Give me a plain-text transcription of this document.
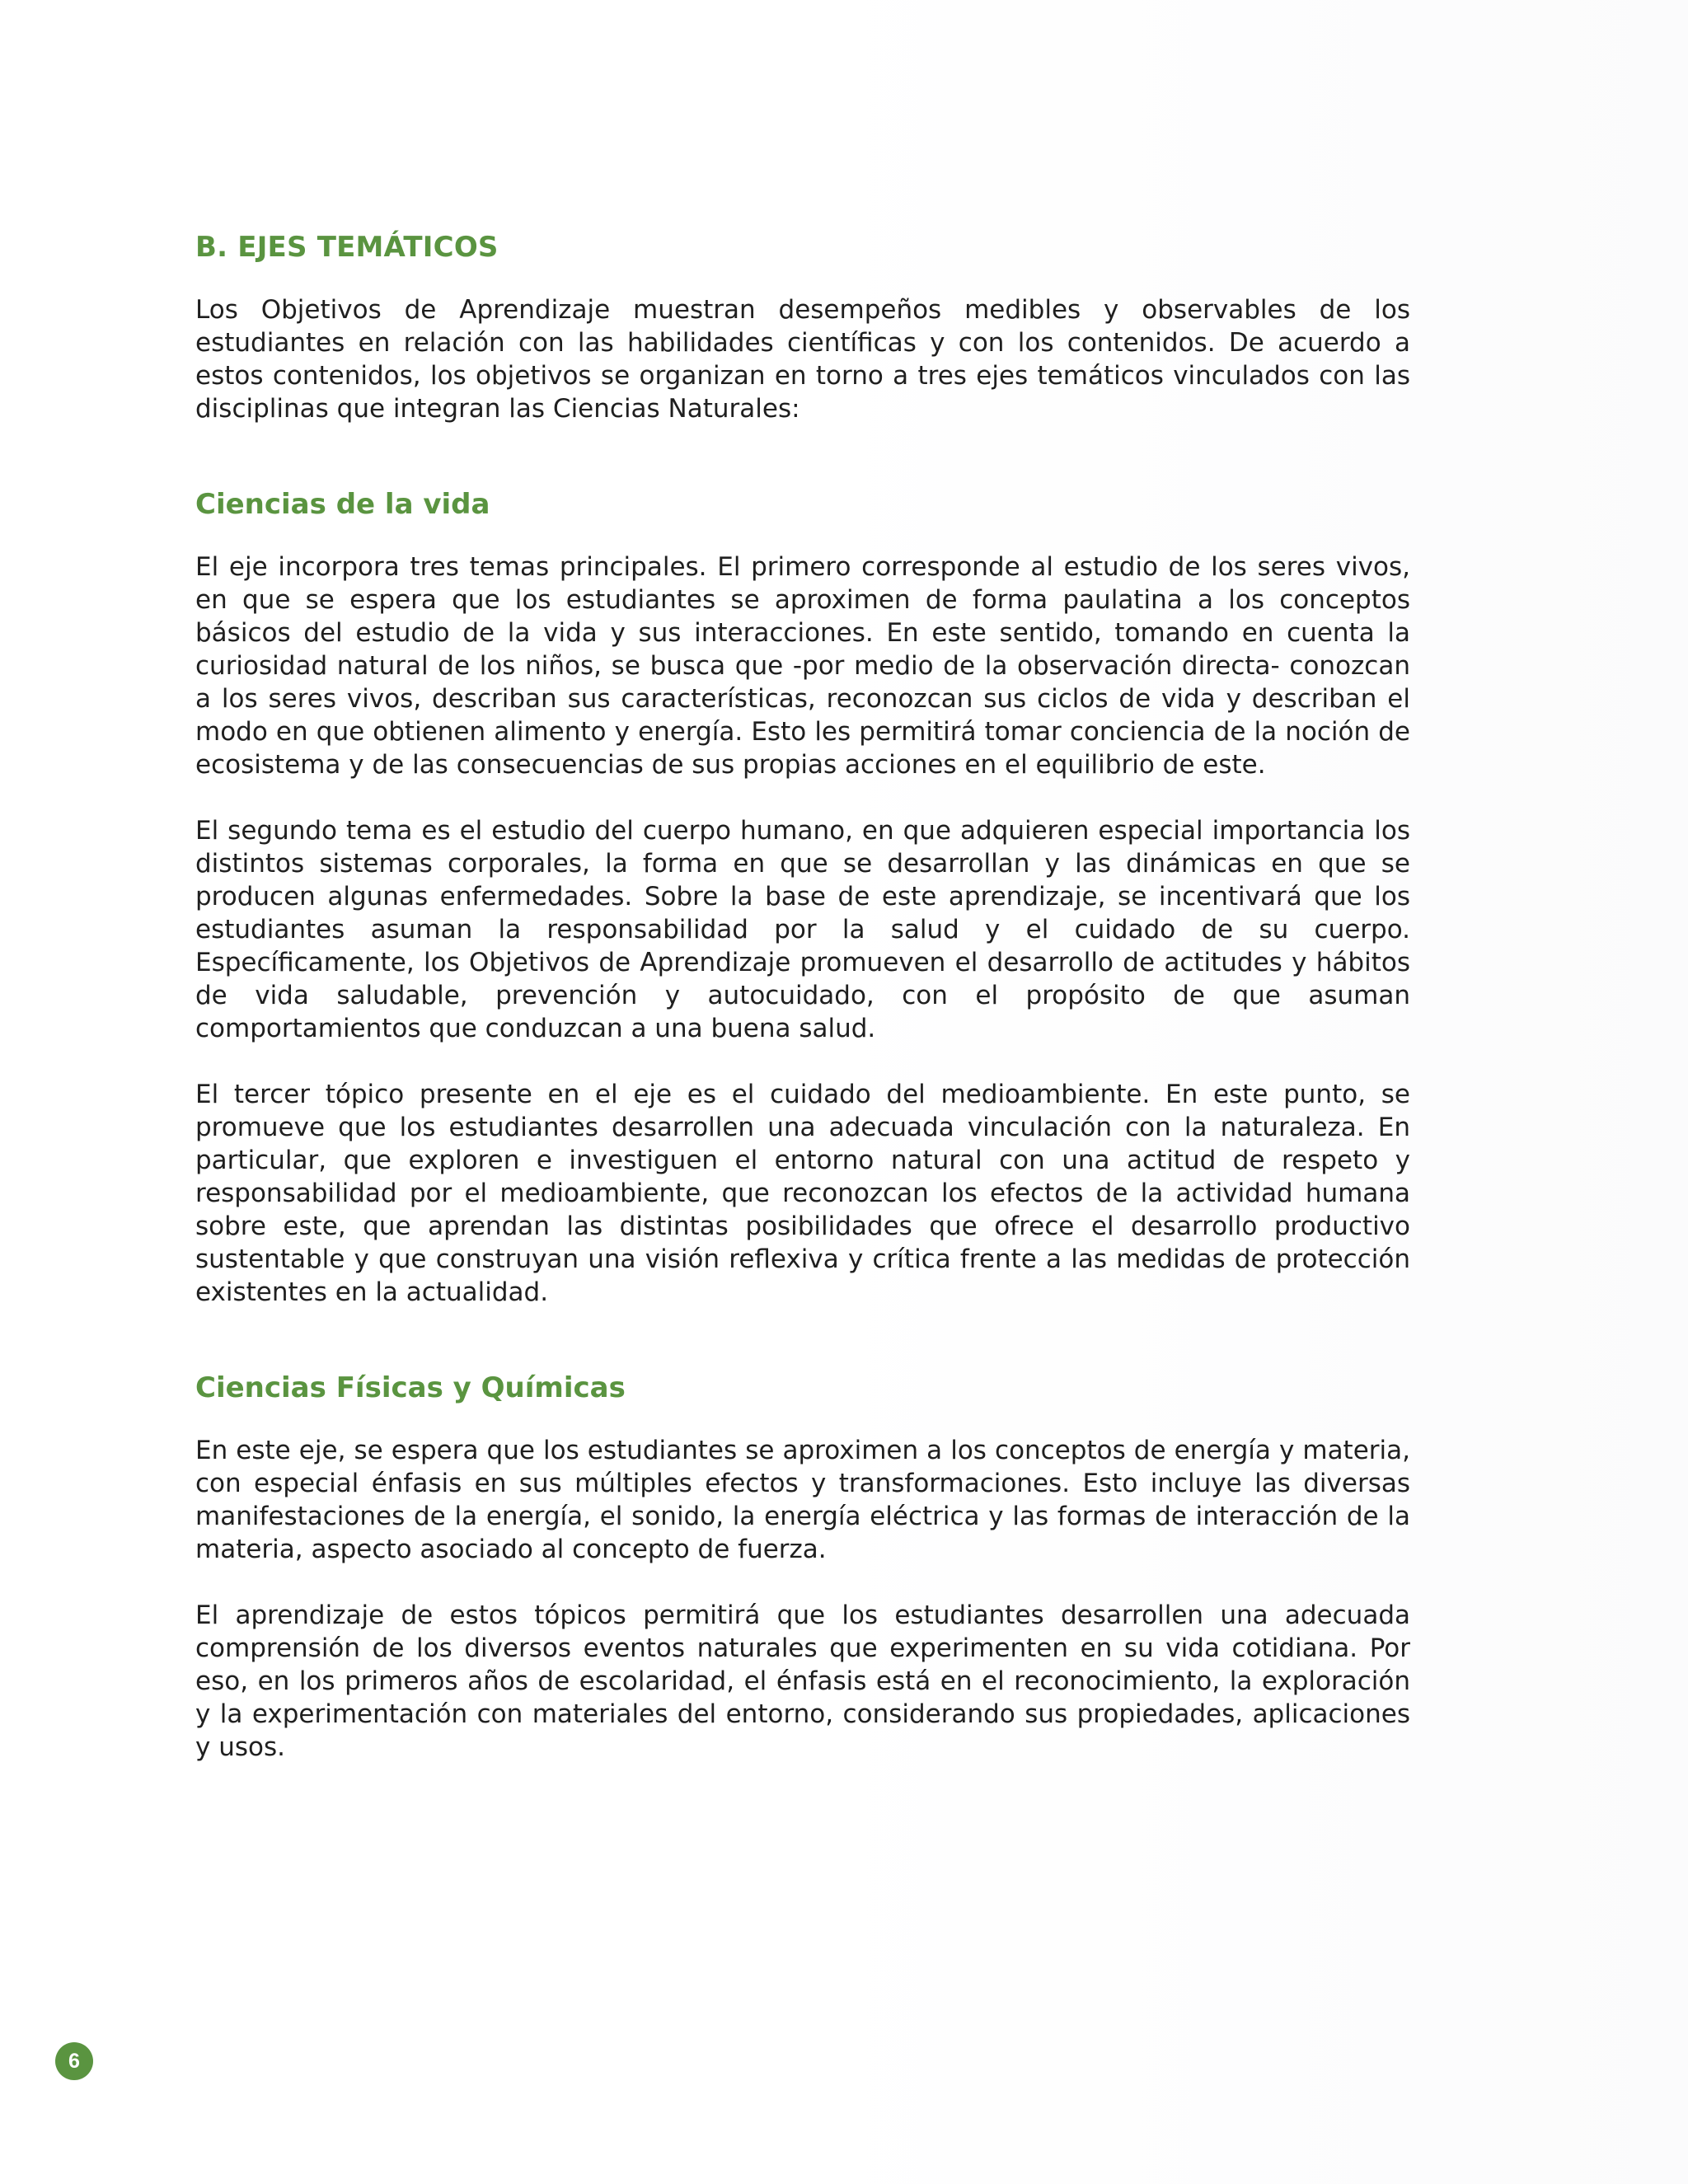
B. EJES TEMÁTICOS

Los Objetivos de Aprendizaje muestran desempeños medibles y observables de los estudiantes en relación con las habilidades científicas y con los contenidos. De acuerdo a estos contenidos, los objetivos se organizan en torno a tres ejes temáticos vinculados con las disciplinas que integran las Ciencias Naturales:

Ciencias de la vida

El eje incorpora tres temas principales. El primero corresponde al estudio de los seres vivos, en que se espera que los estudiantes se aproximen de forma paulatina a los conceptos básicos del estudio de la vida y sus interacciones. En este sentido, tomando en cuenta la curiosidad natural de los niños, se busca que -por medio de la observación directa- conozcan a los seres vivos, describan sus características, reconozcan sus ciclos de vida y describan el modo en que obtienen alimento y energía. Esto les permitirá tomar conciencia de la noción de ecosistema y de las consecuencias de sus propias acciones en el equilibrio de este.

El segundo tema es el estudio del cuerpo humano, en que adquieren especial importancia los distintos sistemas corporales, la forma en que se desarrollan y las dinámicas en que se producen algunas enfermedades. Sobre la base de este aprendizaje, se incentivará que los estudiantes asuman la responsabilidad por la salud y el cuidado de su cuerpo. Específicamente, los Objetivos de Aprendizaje promueven el desarrollo de actitudes y hábitos de vida saludable, prevención y autocuidado, con el propósito de que asuman comportamientos que conduzcan a una buena salud.

El tercer tópico presente en el eje es el cuidado del medioambiente. En este punto, se promueve que los estudiantes desarrollen una adecuada vinculación con la naturaleza. En particular, que exploren e investiguen el entorno natural con una actitud de respeto y responsabilidad por el medioambiente, que reconozcan los efectos de la actividad humana sobre este, que aprendan las distintas posibilidades que ofrece el desarrollo productivo sustentable y que construyan una visión reflexiva y crítica frente a las medidas de protección existentes en la actualidad.

Ciencias Físicas y Químicas

En este eje, se espera que los estudiantes se aproximen a los conceptos de energía y materia, con especial énfasis en sus múltiples efectos y transformaciones. Esto incluye las diversas manifestaciones de la energía, el sonido, la energía eléctrica y las formas de interacción de la materia, aspecto asociado al concepto de fuerza.

El aprendizaje de estos tópicos permitirá que los estudiantes desarrollen una adecuada comprensión de los diversos eventos naturales que experimenten en su vida cotidiana. Por eso, en los primeros años de escolaridad, el énfasis está en el reconocimiento, la exploración y la experimentación con materiales del entorno, considerando sus propiedades, aplicaciones y usos.

6
